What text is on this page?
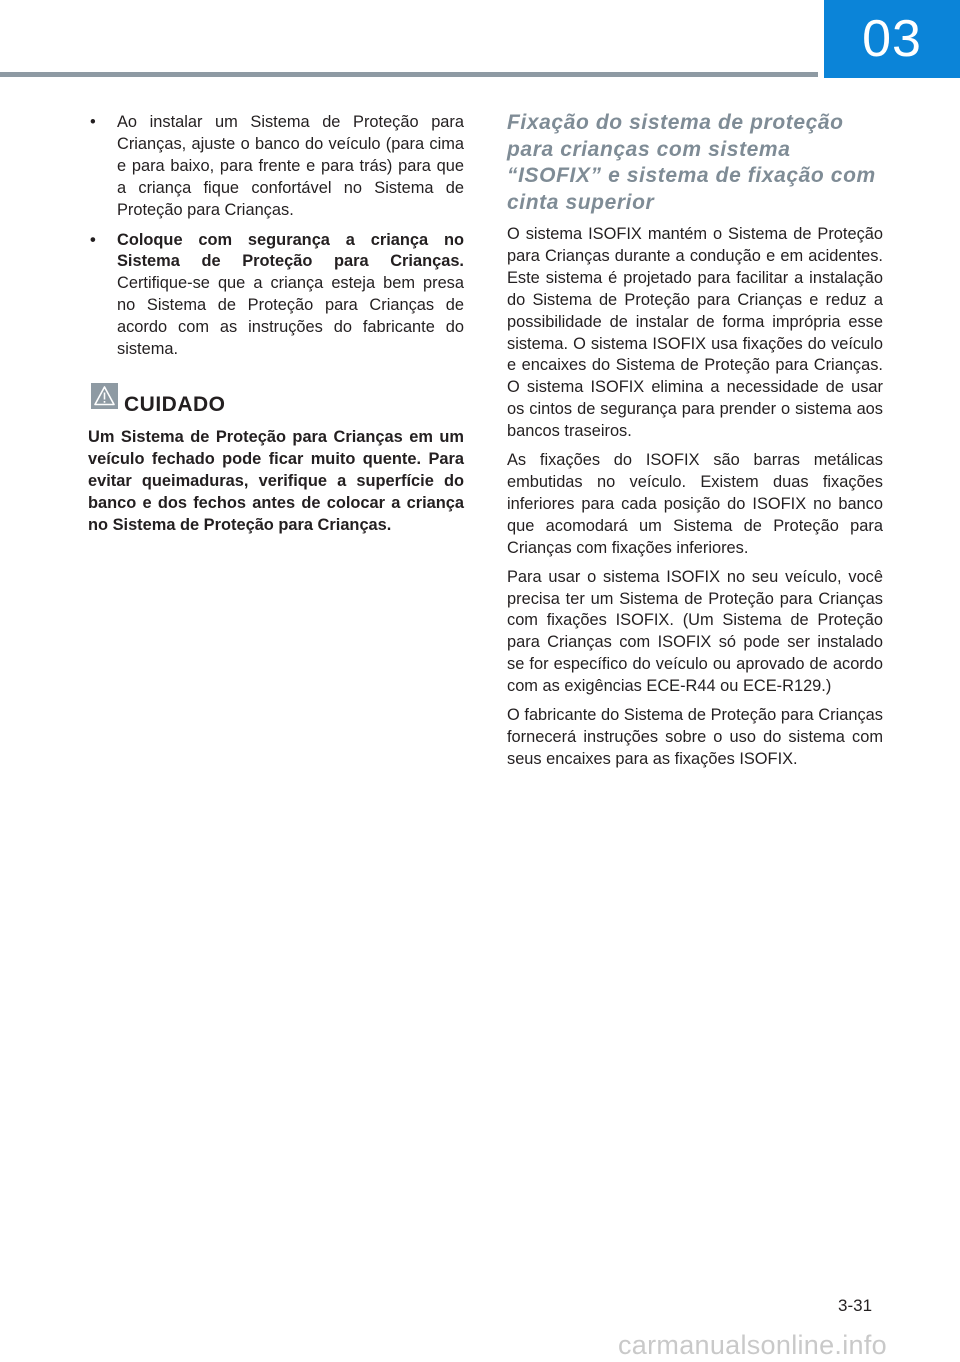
03
• Ao instalar um Sistema de Proteção para Crianças, ajuste o banco do veículo (para cima e para baixo, para frente e para trás) para que a criança fique confortável no Sistema de Proteção para Crianças.
• Coloque com segurança a criança no Sistema de Proteção para Crianças. Certifique-se que a criança esteja bem presa no Sistema de Proteção para Crianças de acordo com as instruções do fabricante do sistema.
CUIDADO

Um Sistema de Proteção para Crianças em um veículo fechado pode ficar muito quente. Para evitar queimaduras, verifique a superfície do banco e dos fechos antes de colocar a criança no Sistema de Proteção para Crianças.

Fixação do sistema de proteção para crianças com sistema “ISOFIX” e sistema de fixação com cinta superior

O sistema ISOFIX mantém o Sistema de Proteção para Crianças durante a condução e em acidentes. Este sistema é projetado para facilitar a instalação do Sistema de Proteção para Crianças e reduz a possibilidade de instalar de forma imprópria esse sistema. O sistema ISOFIX usa fixações do veículo e encaixes do Sistema de Proteção para Crianças. O sistema ISOFIX elimina a necessidade de usar os cintos de segurança para prender o sistema aos bancos traseiros.

As fixações do ISOFIX são barras metálicas embutidas no veículo. Existem duas fixações inferiores para cada posição do ISOFIX no banco que acomodará um Sistema de Proteção para Crianças com fixações inferiores.

Para usar o sistema ISOFIX no seu veículo, você precisa ter um Sistema de Proteção para Crianças com fixações ISOFIX. (Um Sistema de Proteção para Crianças com ISOFIX só pode ser instalado se for específico do veículo ou aprovado de acordo com as exigências ECE-R44 ou ECE-R129.)

O fabricante do Sistema de Proteção para Crianças fornecerá instruções sobre o uso do sistema com seus encaixes para as fixações ISOFIX.

3-31
carmanualsonline.info
